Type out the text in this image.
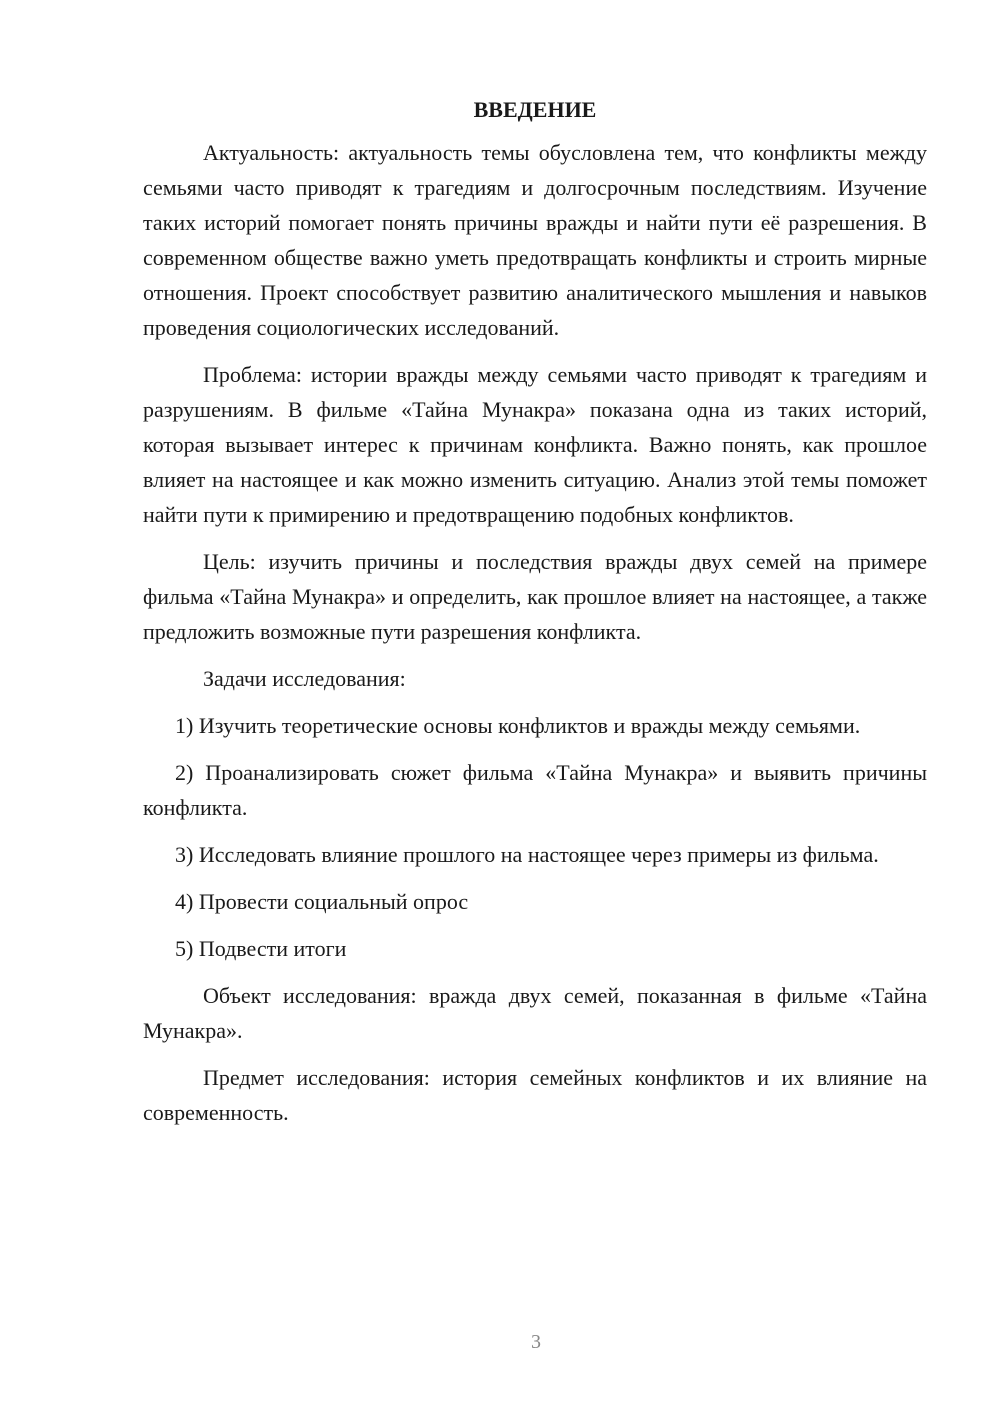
ВВЕДЕНИЕ

Актуальность: актуальность темы обусловлена тем, что конфликты между семьями часто приводят к трагедиям и долгосрочным последствиям. Изучение таких историй помогает понять причины вражды и найти пути её разрешения. В современном обществе важно уметь предотвращать конфликты и строить мирные отношения. Проект способствует развитию аналитического мышления и навыков проведения социологических исследований.

Проблема: истории вражды между семьями часто приводят к трагедиям и разрушениям. В фильме «Тайна Мунакра» показана одна из таких историй, которая вызывает интерес к причинам конфликта. Важно понять, как прошлое влияет на настоящее и как можно изменить ситуацию. Анализ этой темы поможет найти пути к примирению и предотвращению подобных конфликтов.

Цель: изучить причины и последствия вражды двух семей на примере фильма «Тайна Мунакра» и определить, как прошлое влияет на настоящее, а также предложить возможные пути разрешения конфликта.

Задачи исследования:

1) Изучить теоретические основы конфликтов и вражды между семьями.

2) Проанализировать сюжет фильма «Тайна Мунакра» и выявить причины конфликта.

3) Исследовать влияние прошлого на настоящее через примеры из фильма.

4) Провести социальный опрос

5) Подвести итоги

Объект исследования: вражда двух семей, показанная в фильме «Тайна Мунакра».

Предмет исследования: история семейных конфликтов и их влияние на современность.

3
